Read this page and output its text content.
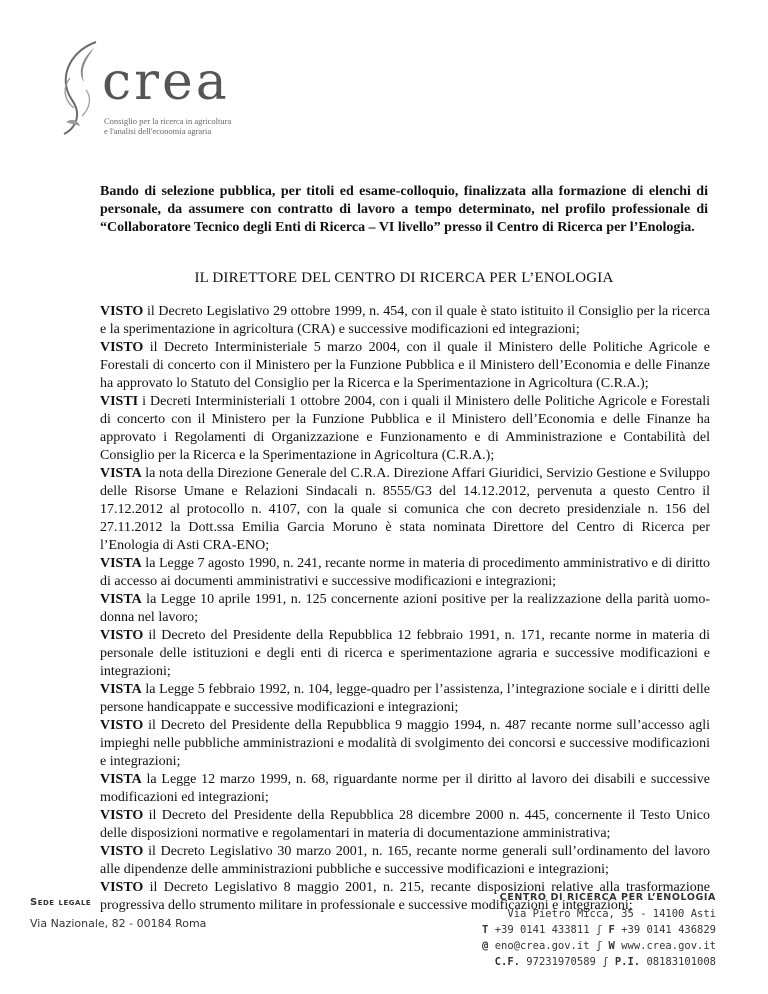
crea
Consiglio per la ricerca in agricoltura
e l'analisi dell'economia agraria

Bando di selezione pubblica, per titoli ed esame-colloquio, finalizzata alla formazione di elenchi di personale, da assumere con contratto di lavoro a tempo determinato, nel profilo professionale di “Collaboratore Tecnico degli Enti di Ricerca – VI livello” presso il Centro di Ricerca per l’Enologia.

IL DIRETTORE DEL CENTRO DI RICERCA PER L’ENOLOGIA

VISTO il Decreto Legislativo 29 ottobre 1999, n. 454, con il quale è stato istituito il Consiglio per la ricerca e la sperimentazione in agricoltura (CRA) e successive modificazioni ed integrazioni;

VISTO il Decreto Interministeriale 5 marzo 2004, con il quale il Ministero delle Politiche Agricole e Forestali di concerto con il Ministero per la Funzione Pubblica e il Ministero dell’Economia e delle Finanze ha approvato lo Statuto del Consiglio per la Ricerca e la Sperimentazione in Agricoltura (C.R.A.);

VISTI i Decreti Interministeriali 1 ottobre 2004, con i quali il Ministero delle Politiche Agricole e Forestali di concerto con il Ministero per la Funzione Pubblica e il Ministero dell’Economia e delle Finanze ha approvato i Regolamenti di Organizzazione e Funzionamento e di Amministrazione e Contabilità del Consiglio per la Ricerca e la Sperimentazione in Agricoltura (C.R.A.);

VISTA la nota della Direzione Generale del C.R.A. Direzione Affari Giuridici, Servizio Gestione e Sviluppo delle Risorse Umane e Relazioni Sindacali n. 8555/G3 del 14.12.2012, pervenuta a questo Centro il 17.12.2012 al protocollo n. 4107, con la quale si comunica che con decreto presidenziale n. 156 del 27.11.2012 la Dott.ssa Emilia Garcia Moruno è stata nominata Direttore del Centro di Ricerca per l’Enologia di Asti CRA-ENO;

VISTA la Legge 7 agosto 1990, n. 241, recante norme in materia di procedimento amministrativo e di diritto di accesso ai documenti amministrativi e successive modificazioni e integrazioni;

VISTA la Legge 10 aprile 1991, n. 125 concernente azioni positive per la realizzazione della parità uomo-donna nel lavoro;

VISTO il Decreto del Presidente della Repubblica 12 febbraio 1991, n. 171, recante norme in materia di personale delle istituzioni e degli enti di ricerca e sperimentazione agraria e successive modificazioni e integrazioni;

VISTA la Legge 5 febbraio 1992, n. 104, legge-quadro per l’assistenza, l’integrazione sociale e i diritti delle persone handicappate e successive modificazioni e integrazioni;

VISTO il Decreto del Presidente della Repubblica 9 maggio 1994, n. 487 recante norme sull’accesso agli impieghi nelle pubbliche amministrazioni e modalità di svolgimento dei concorsi e successive modificazioni e integrazioni;

VISTA la Legge 12 marzo 1999, n. 68, riguardante norme per il diritto al lavoro dei disabili e successive modificazioni ed integrazioni;

VISTO il Decreto del Presidente della Repubblica 28 dicembre 2000 n. 445, concernente il Testo Unico delle disposizioni normative e regolamentari in materia di documentazione amministrativa;

VISTO il Decreto Legislativo 30 marzo 2001, n. 165, recante norme generali sull’ordinamento del lavoro alle dipendenze delle amministrazioni pubbliche e successive modificazioni e integrazioni;

VISTO il Decreto Legislativo 8 maggio 2001, n. 215, recante disposizioni relative alla trasformazione progressiva dello strumento militare in professionale e successive modificazioni e integrazioni;

Sede legale
Via Nazionale, 82 - 00184 Roma
CENTRO DI RICERCA PER L’ENOLOGIA
Via Pietro Micca, 35 - 14100 Asti
T +39 0141 433811 ʃ F +39 0141 436829
@ eno@crea.gov.it ʃ W www.crea.gov.it
C.F. 97231970589 ʃ P.I. 08183101008
